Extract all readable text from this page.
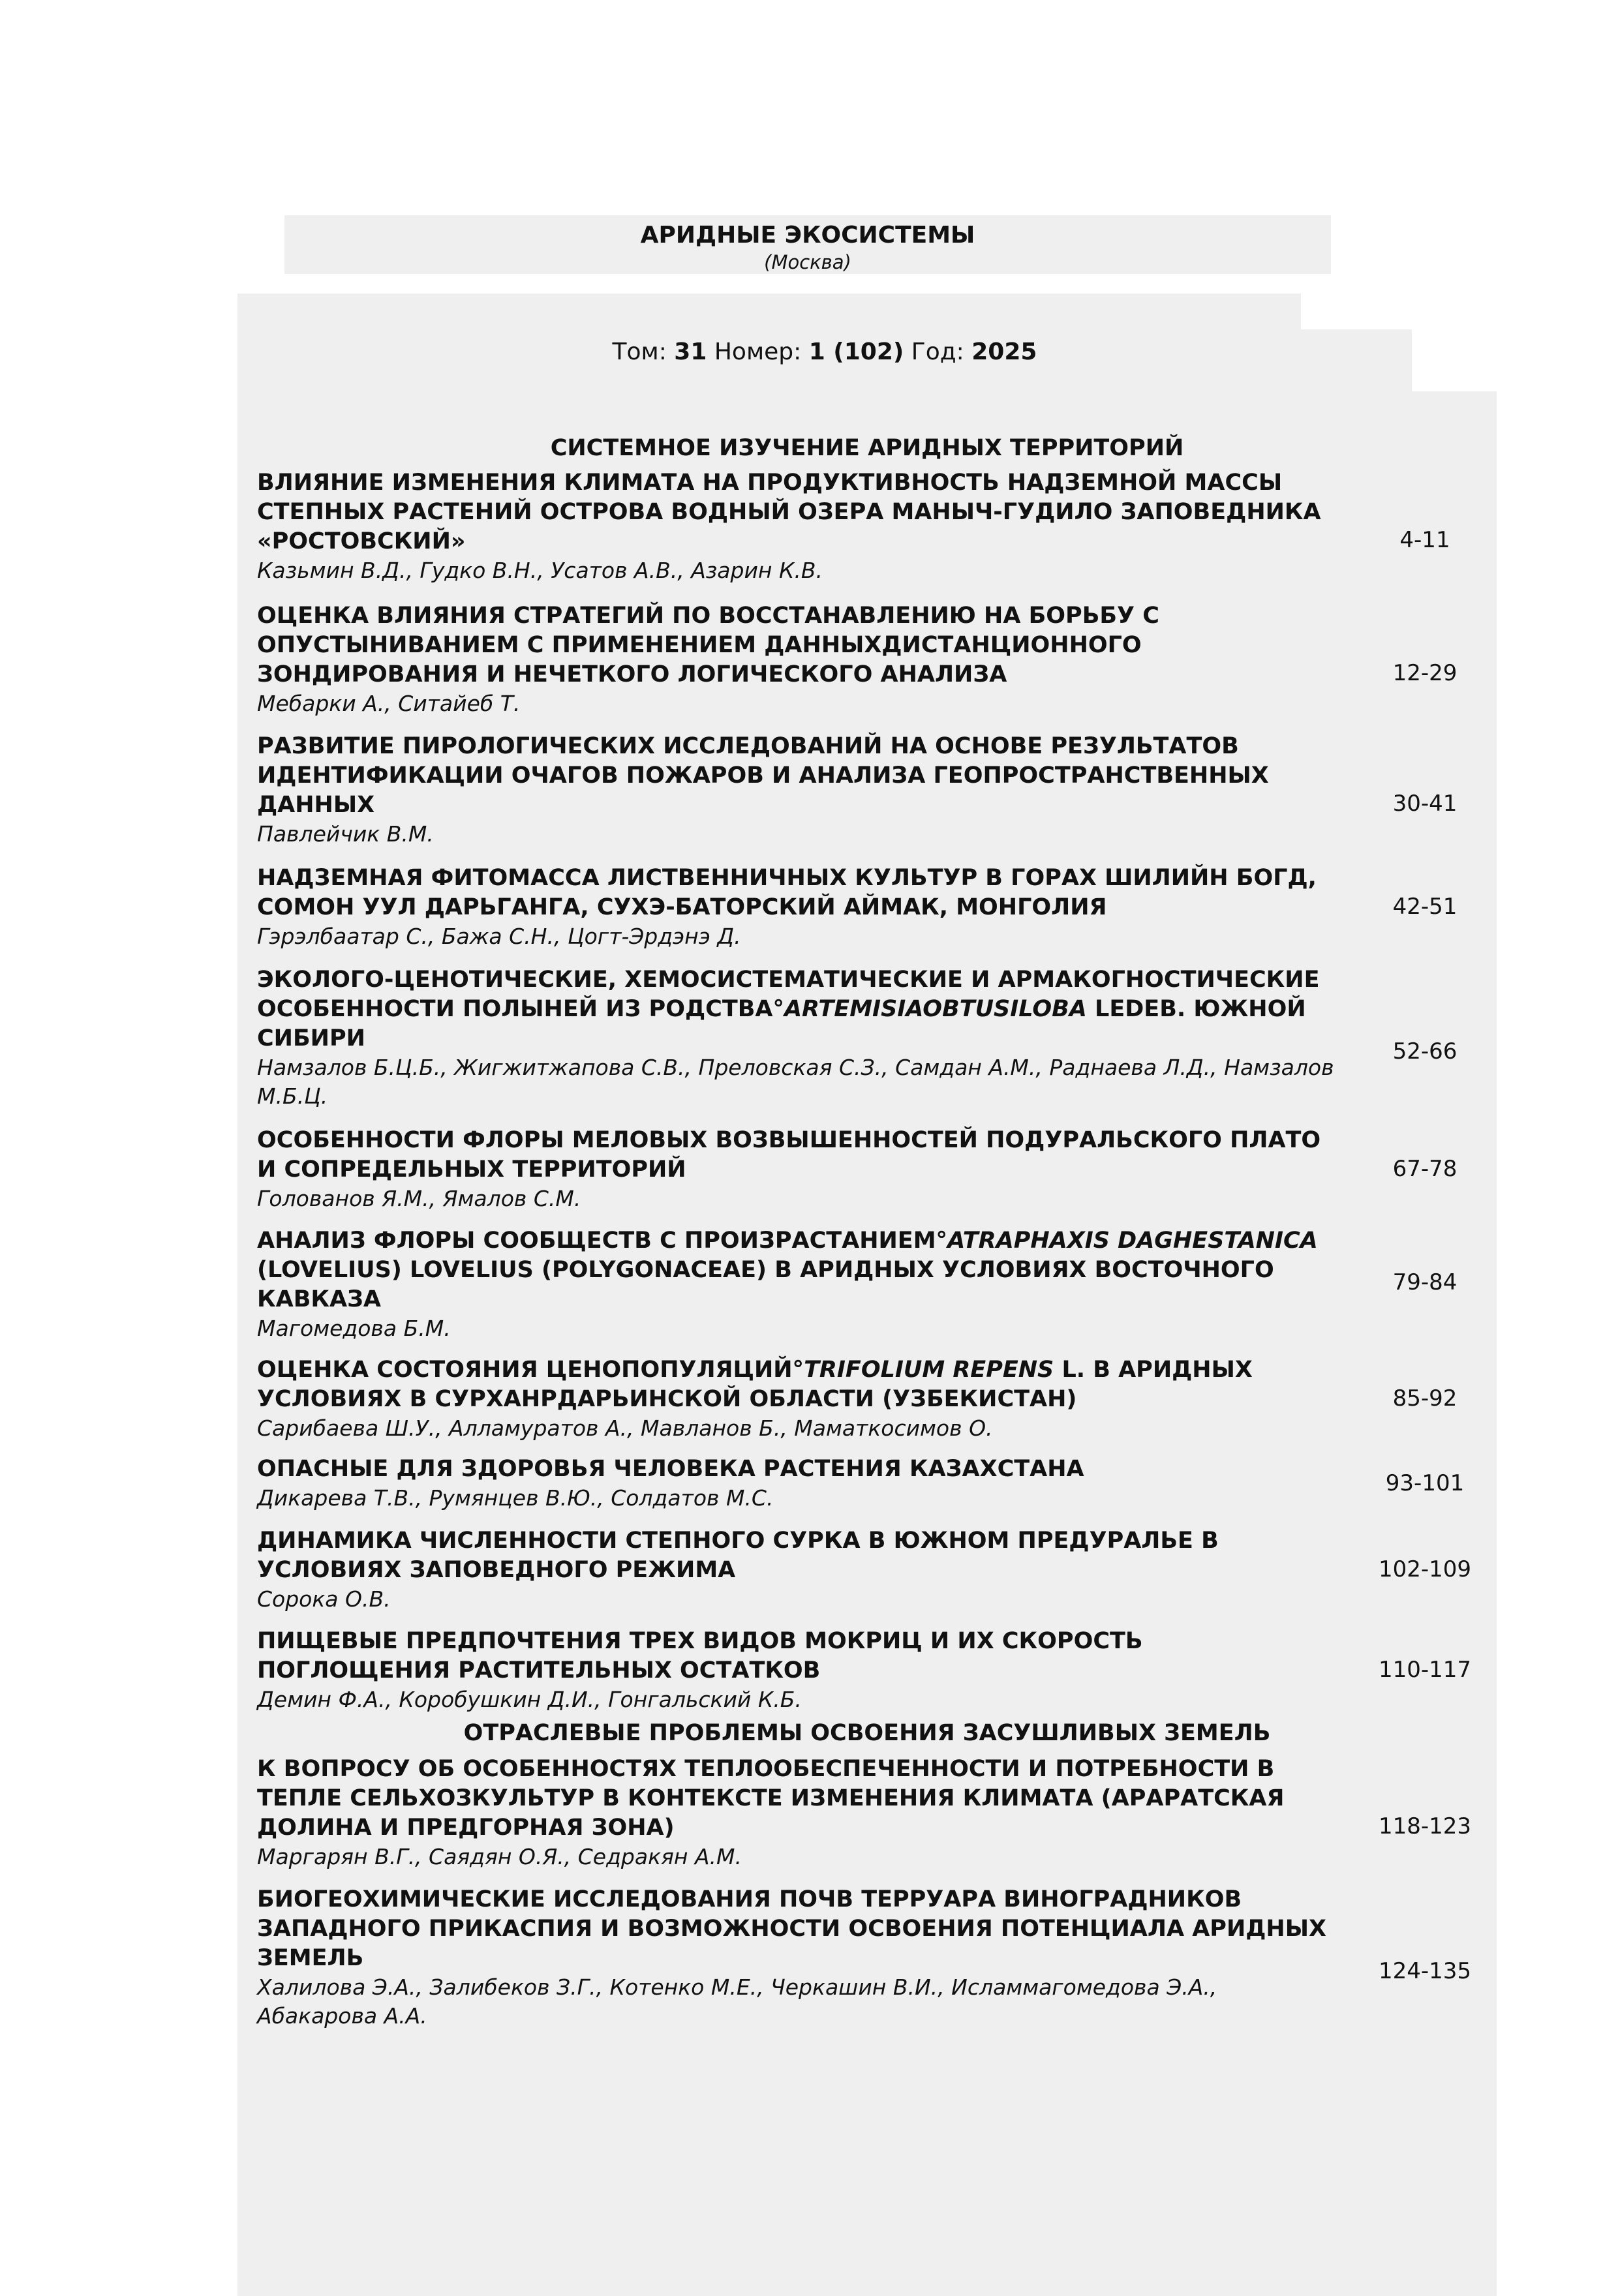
АРИДНЫЕ ЭКОСИСТЕМЫ
(Москва)
Том: 31 Номер: 1 (102) Год: 2025
СИСТЕМНОЕ ИЗУЧЕНИЕ АРИДНЫХ ТЕРРИТОРИЙ

ВЛИЯНИЕ ИЗМЕНЕНИЯ КЛИМАТА НА ПРОДУКТИВНОСТЬ НАДЗЕМНОЙ МАССЫ СТЕПНЫХ РАСТЕНИЙ ОСТРОВА ВОДНЫЙ ОЗЕРА МАНЫЧ-ГУДИЛО ЗАПОВЕДНИКА «РОСТОВСКИЙ»

Казьмин В.Д., Гудко В.Н., Усатов А.В., Азарин К.В.

4-11

ОЦЕНКА ВЛИЯНИЯ СТРАТЕГИЙ ПО ВОССТАНАВЛЕНИЮ НА БОРЬБУ С ОПУСТЫНИВАНИЕМ С ПРИМЕНЕНИЕМ ДАННЫХДИСТАНЦИОННОГО ЗОНДИРОВАНИЯ И НЕЧЕТКОГО ЛОГИЧЕСКОГО АНАЛИЗА

Мебарки А., Ситайеб Т.

12-29

РАЗВИТИЕ ПИРОЛОГИЧЕСКИХ ИССЛЕДОВАНИЙ НА ОСНОВЕ РЕЗУЛЬТАТОВ ИДЕНТИФИКАЦИИ ОЧАГОВ ПОЖАРОВ И АНАЛИЗА ГЕОПРОСТРАНСТВЕННЫХ ДАННЫХ

Павлейчик В.М.

30-41

НАДЗЕМНАЯ ФИТОМАССА ЛИСТВЕННИЧНЫХ КУЛЬТУР В ГОРАХ ШИЛИЙН БОГД, СОМОН УУЛ ДАРЬГАНГА, СУХЭ-БАТОРСКИЙ АЙМАК, МОНГОЛИЯ

Гэрэлбаатар С., Бажа С.Н., Цогт-Эрдэнэ Д.

42-51

ЭКОЛОГО-ЦЕНОТИЧЕСКИЕ, ХЕМОСИСТЕМАТИЧЕСКИЕ И АРМАКОГНОСТИЧЕСКИЕ ОСОБЕННОСТИ ПОЛЫНЕЙ ИЗ РОДСТВА°ARTEMISIAOBTUSILOBA LEDEB. ЮЖНОЙ СИБИРИ

Намзалов Б.Ц.Б., Жигжитжапова С.В., Преловская С.З., Самдан А.М., Раднаева Л.Д., Намзалов М.Б.Ц.

52-66

ОСОБЕННОСТИ ФЛОРЫ МЕЛОВЫХ ВОЗВЫШЕННОСТЕЙ ПОДУРАЛЬСКОГО ПЛАТО И СОПРЕДЕЛЬНЫХ ТЕРРИТОРИЙ

Голованов Я.М., Ямалов С.М.

67-78

АНАЛИЗ ФЛОРЫ СООБЩЕСТВ С ПРОИЗРАСТАНИЕМ°ATRAPHAXIS DAGHESTANICA (LOVELIUS) LOVELIUS (POLYGONACEAE) В АРИДНЫХ УСЛОВИЯХ ВОСТОЧНОГО КАВКАЗА

Магомедова Б.М.

79-84

ОЦЕНКА СОСТОЯНИЯ ЦЕНОПОПУЛЯЦИЙ°TRIFOLIUM REPENS L. В АРИДНЫХ УСЛОВИЯХ В СУРХАНРДАРЬИНСКОЙ ОБЛАСТИ (УЗБЕКИСТАН)

Сарибаева Ш.У., Алламуратов А., Мавланов Б., Маматкосимов О.

85-92

ОПАСНЫЕ ДЛЯ ЗДОРОВЬЯ ЧЕЛОВЕКА РАСТЕНИЯ КАЗАХСТАНА

Дикарева Т.В., Румянцев В.Ю., Солдатов М.С.

93-101

ДИНАМИКА ЧИСЛЕННОСТИ СТЕПНОГО СУРКА В ЮЖНОМ ПРЕДУРАЛЬЕ В УСЛОВИЯХ ЗАПОВЕДНОГО РЕЖИМА

Сорока О.В.

102-109

ПИЩЕВЫЕ ПРЕДПОЧТЕНИЯ ТРЕХ ВИДОВ МОКРИЦ И ИХ СКОРОСТЬ ПОГЛОЩЕНИЯ РАСТИТЕЛЬНЫХ ОСТАТКОВ

Демин Ф.А., Коробушкин Д.И., Гонгальский К.Б.

110-117
ОТРАСЛЕВЫЕ ПРОБЛЕМЫ ОСВОЕНИЯ ЗАСУШЛИВЫХ ЗЕМЕЛЬ

К ВОПРОСУ ОБ ОСОБЕННОСТЯХ ТЕПЛООБЕСПЕЧЕННОСТИ И ПОТРЕБНОСТИ В ТЕПЛЕ СЕЛЬХОЗКУЛЬТУР В КОНТЕКСТЕ ИЗМЕНЕНИЯ КЛИМАТА (АРАРАТСКАЯ ДОЛИНА И ПРЕДГОРНАЯ ЗОНА)

Маргарян В.Г., Саядян О.Я., Седракян А.М.

118-123

БИОГЕОХИМИЧЕСКИЕ ИССЛЕДОВАНИЯ ПОЧВ ТЕРРУАРА ВИНОГРАДНИКОВ ЗАПАДНОГО ПРИКАСПИЯ И ВОЗМОЖНОСТИ ОСВОЕНИЯ ПОТЕНЦИАЛА АРИДНЫХ ЗЕМЕЛЬ

Халилова Э.А., Залибеков З.Г., Котенко М.Е., Черкашин В.И., Исламмагомедова Э.А., Абакарова А.А.

124-135
